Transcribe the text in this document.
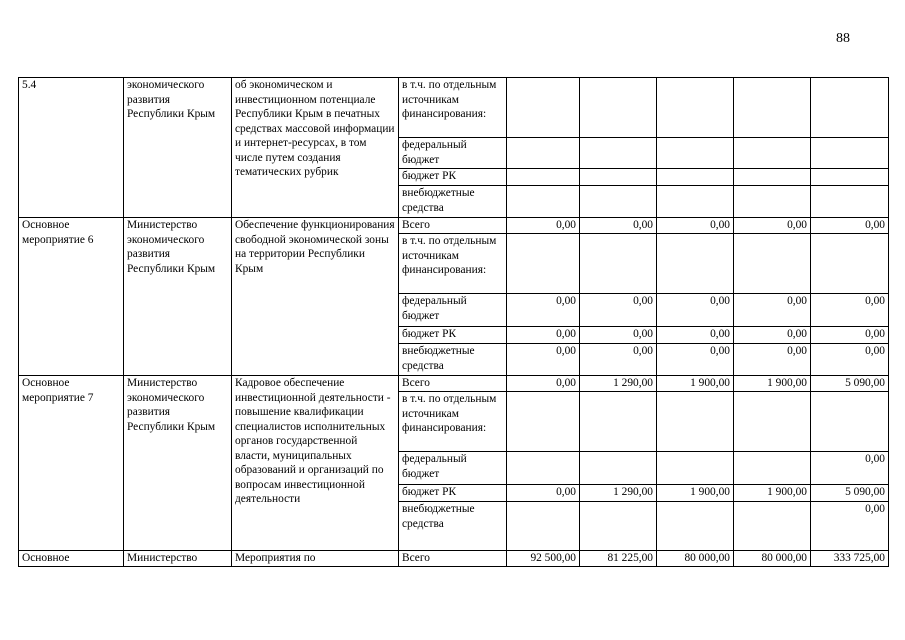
88
5.4	экономического развития Республики Крым	об экономическом и инвестиционном потенциале Республики Крым в печатных средствах массовой информации и интернет-ресурсах, в том числе путем создания тематических рубрик	в т.ч. по отдельным источникам финансирования:					
			федеральный бюджет					
			бюджет РК					
			внебюджетные средства					
Основное мероприятие 6	Министерство экономического развития Республики Крым	Обеспечение функционирования свободной экономической зоны на территории Республики Крым	Всего	0,00	0,00	0,00	0,00	0,00
			в т.ч. по отдельным источникам финансирования:					
			федеральный бюджет	0,00	0,00	0,00	0,00	0,00
			бюджет РК	0,00	0,00	0,00	0,00	0,00
			внебюджетные средства	0,00	0,00	0,00	0,00	0,00
Основное мероприятие 7	Министерство экономического развития Республики Крым	Кадровое обеспечение инвестиционной деятельности - повышение квалификации специалистов исполнительных органов государственной власти, муниципальных образований и организаций по вопросам инвестиционной деятельности	Всего	0,00	1 290,00	1 900,00	1 900,00	5 090,00
			в т.ч. по отдельным источникам финансирования:					
			федеральный бюджет					0,00
			бюджет РК	0,00	1 290,00	1 900,00	1 900,00	5 090,00
			внебюджетные средства					0,00
Основное	Министерство	Мероприятия по	Всего	92 500,00	81 225,00	80 000,00	80 000,00	333 725,00
